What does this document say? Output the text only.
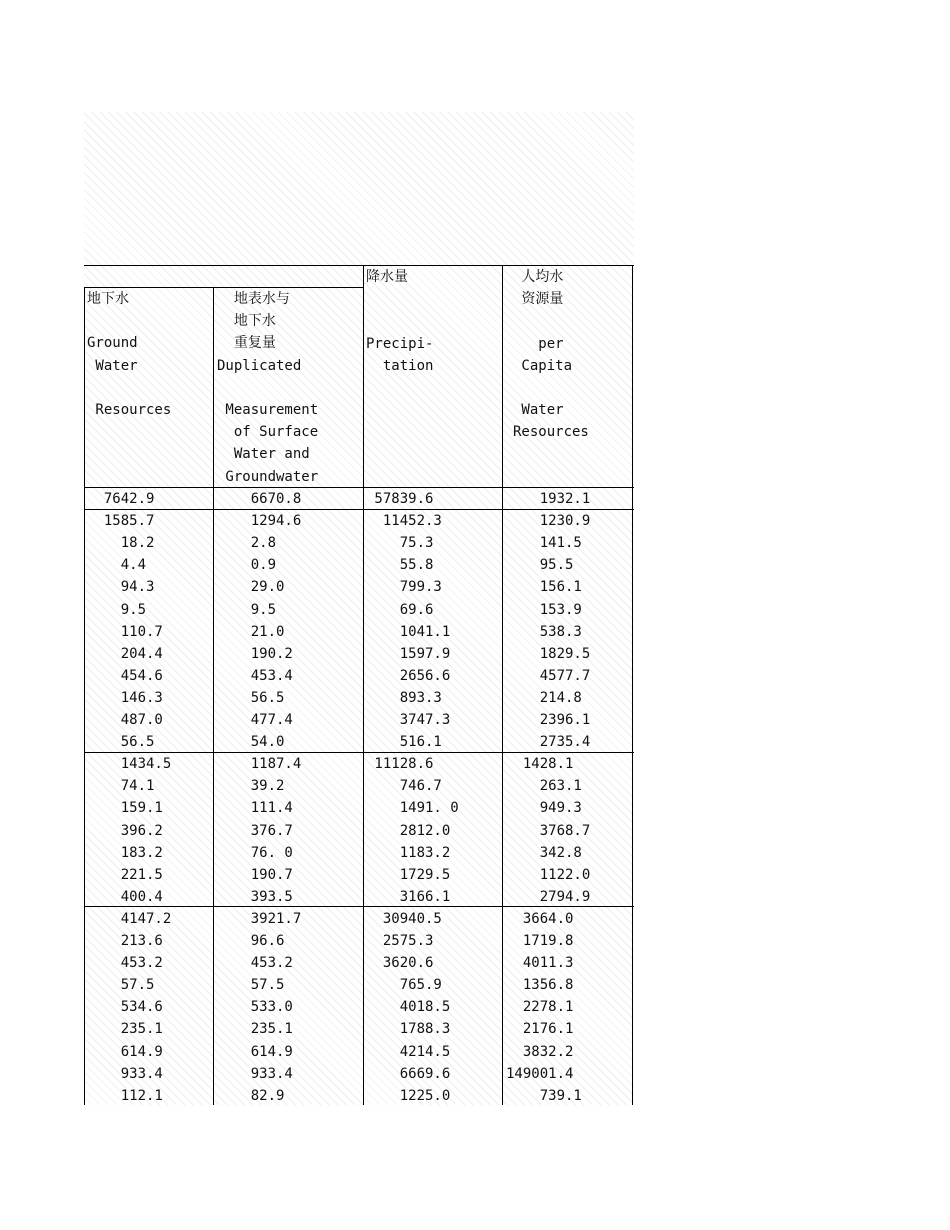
地下水

Ground
Water

Resources
地表水与
地下水
重复量
Duplicated

Measurement
of Surface
Water and
Groundwater
降水量

Precipi-
tation
人均水
资源量

per
Capita

Water
Resources
7642.9	6670.8	57839.6	1932.1
1585.7	1294.6	11452.3	1230.9
18.2	2.8	75.3	141.5
4.4	0.9	55.8	95.5
94.3	29.0	799.3	156.1
9.5	9.5	69.6	153.9
110.7	21.0	1041.1	538.3
204.4	190.2	1597.9	1829.5
454.6	453.4	2656.6	4577.7
146.3	56.5	893.3	214.8
487.0	477.4	3747.3	2396.1
56.5	54.0	516.1	2735.4
1434.5	1187.4	11128.6	1428.1
74.1	39.2	746.7	263.1
159.1	111.4	1491. 0	949.3
396.2	376.7	2812.0	3768.7
183.2	76. 0	1183.2	342.8
221.5	190.7	1729.5	1122.0
400.4	393.5	3166.1	2794.9
4147.2	3921.7	30940.5	3664.0
213.6	96.6	2575.3	1719.8
453.2	453.2	3620.6	4011.3
57.5	57.5	765.9	1356.8
534.6	533.0	4018.5	2278.1
235.1	235.1	1788.3	2176.1
614.9	614.9	4214.5	3832.2
933.4	933.4	6669.6	149001.4
112.1	82.9	1225.0	739.1
